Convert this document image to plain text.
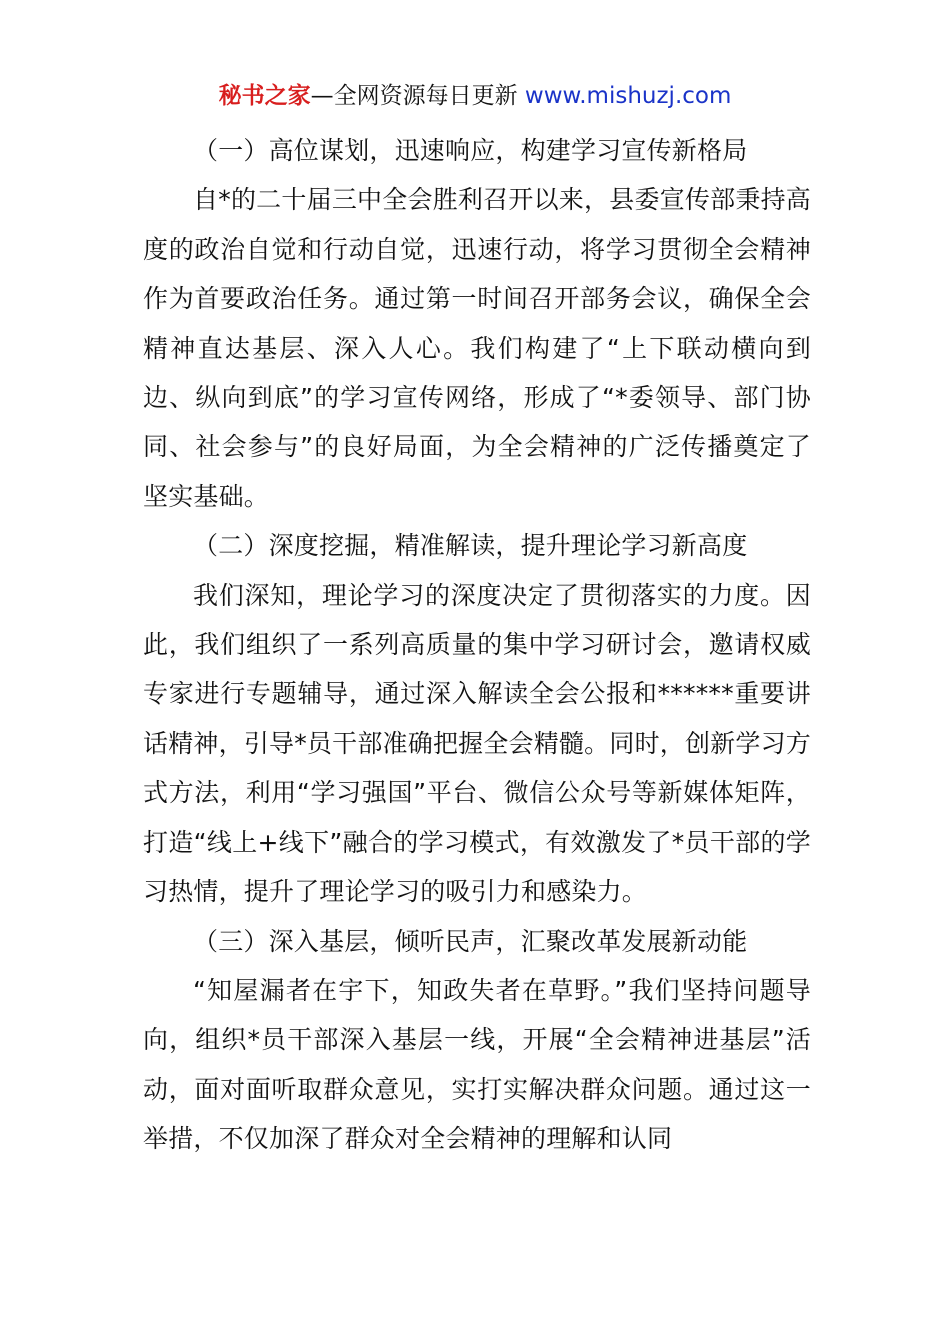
秘书之家—全网资源每日更新 www.mishuzj.com

（一）高位谋划，迅速响应，构建学习宣传新格局

自*的二十届三中全会胜利召开以来，县委宣传部秉持高度的政治自觉和行动自觉，迅速行动，将学习贯彻全会精神作为首要政治任务。通过第一时间召开部务会议，确保全会精神直达基层、深入人心。我们构建了“上下联动横向到边、纵向到底”的学习宣传网络，形成了“*委领导、部门协同、社会参与”的良好局面，为全会精神的广泛传播奠定了坚实基础。

（二）深度挖掘，精准解读，提升理论学习新高度

我们深知，理论学习的深度决定了贯彻落实的力度。因此，我们组织了一系列高质量的集中学习研讨会，邀请权威专家进行专题辅导，通过深入解读全会公报和******重要讲话精神，引导*员干部准确把握全会精髓。同时，创新学习方式方法，利用“学习强国”平台、微信公众号等新媒体矩阵，打造“线上+线下”融合的学习模式，有效激发了*员干部的学习热情，提升了理论学习的吸引力和感染力。

（三）深入基层，倾听民声，汇聚改革发展新动能

“知屋漏者在宇下，知政失者在草野。”我们坚持问题导向，组织*员干部深入基层一线，开展“全会精神进基层”活动，面对面听取群众意见，实打实解决群众问题。通过这一举措，不仅加深了群众对全会精神的理解和认同
